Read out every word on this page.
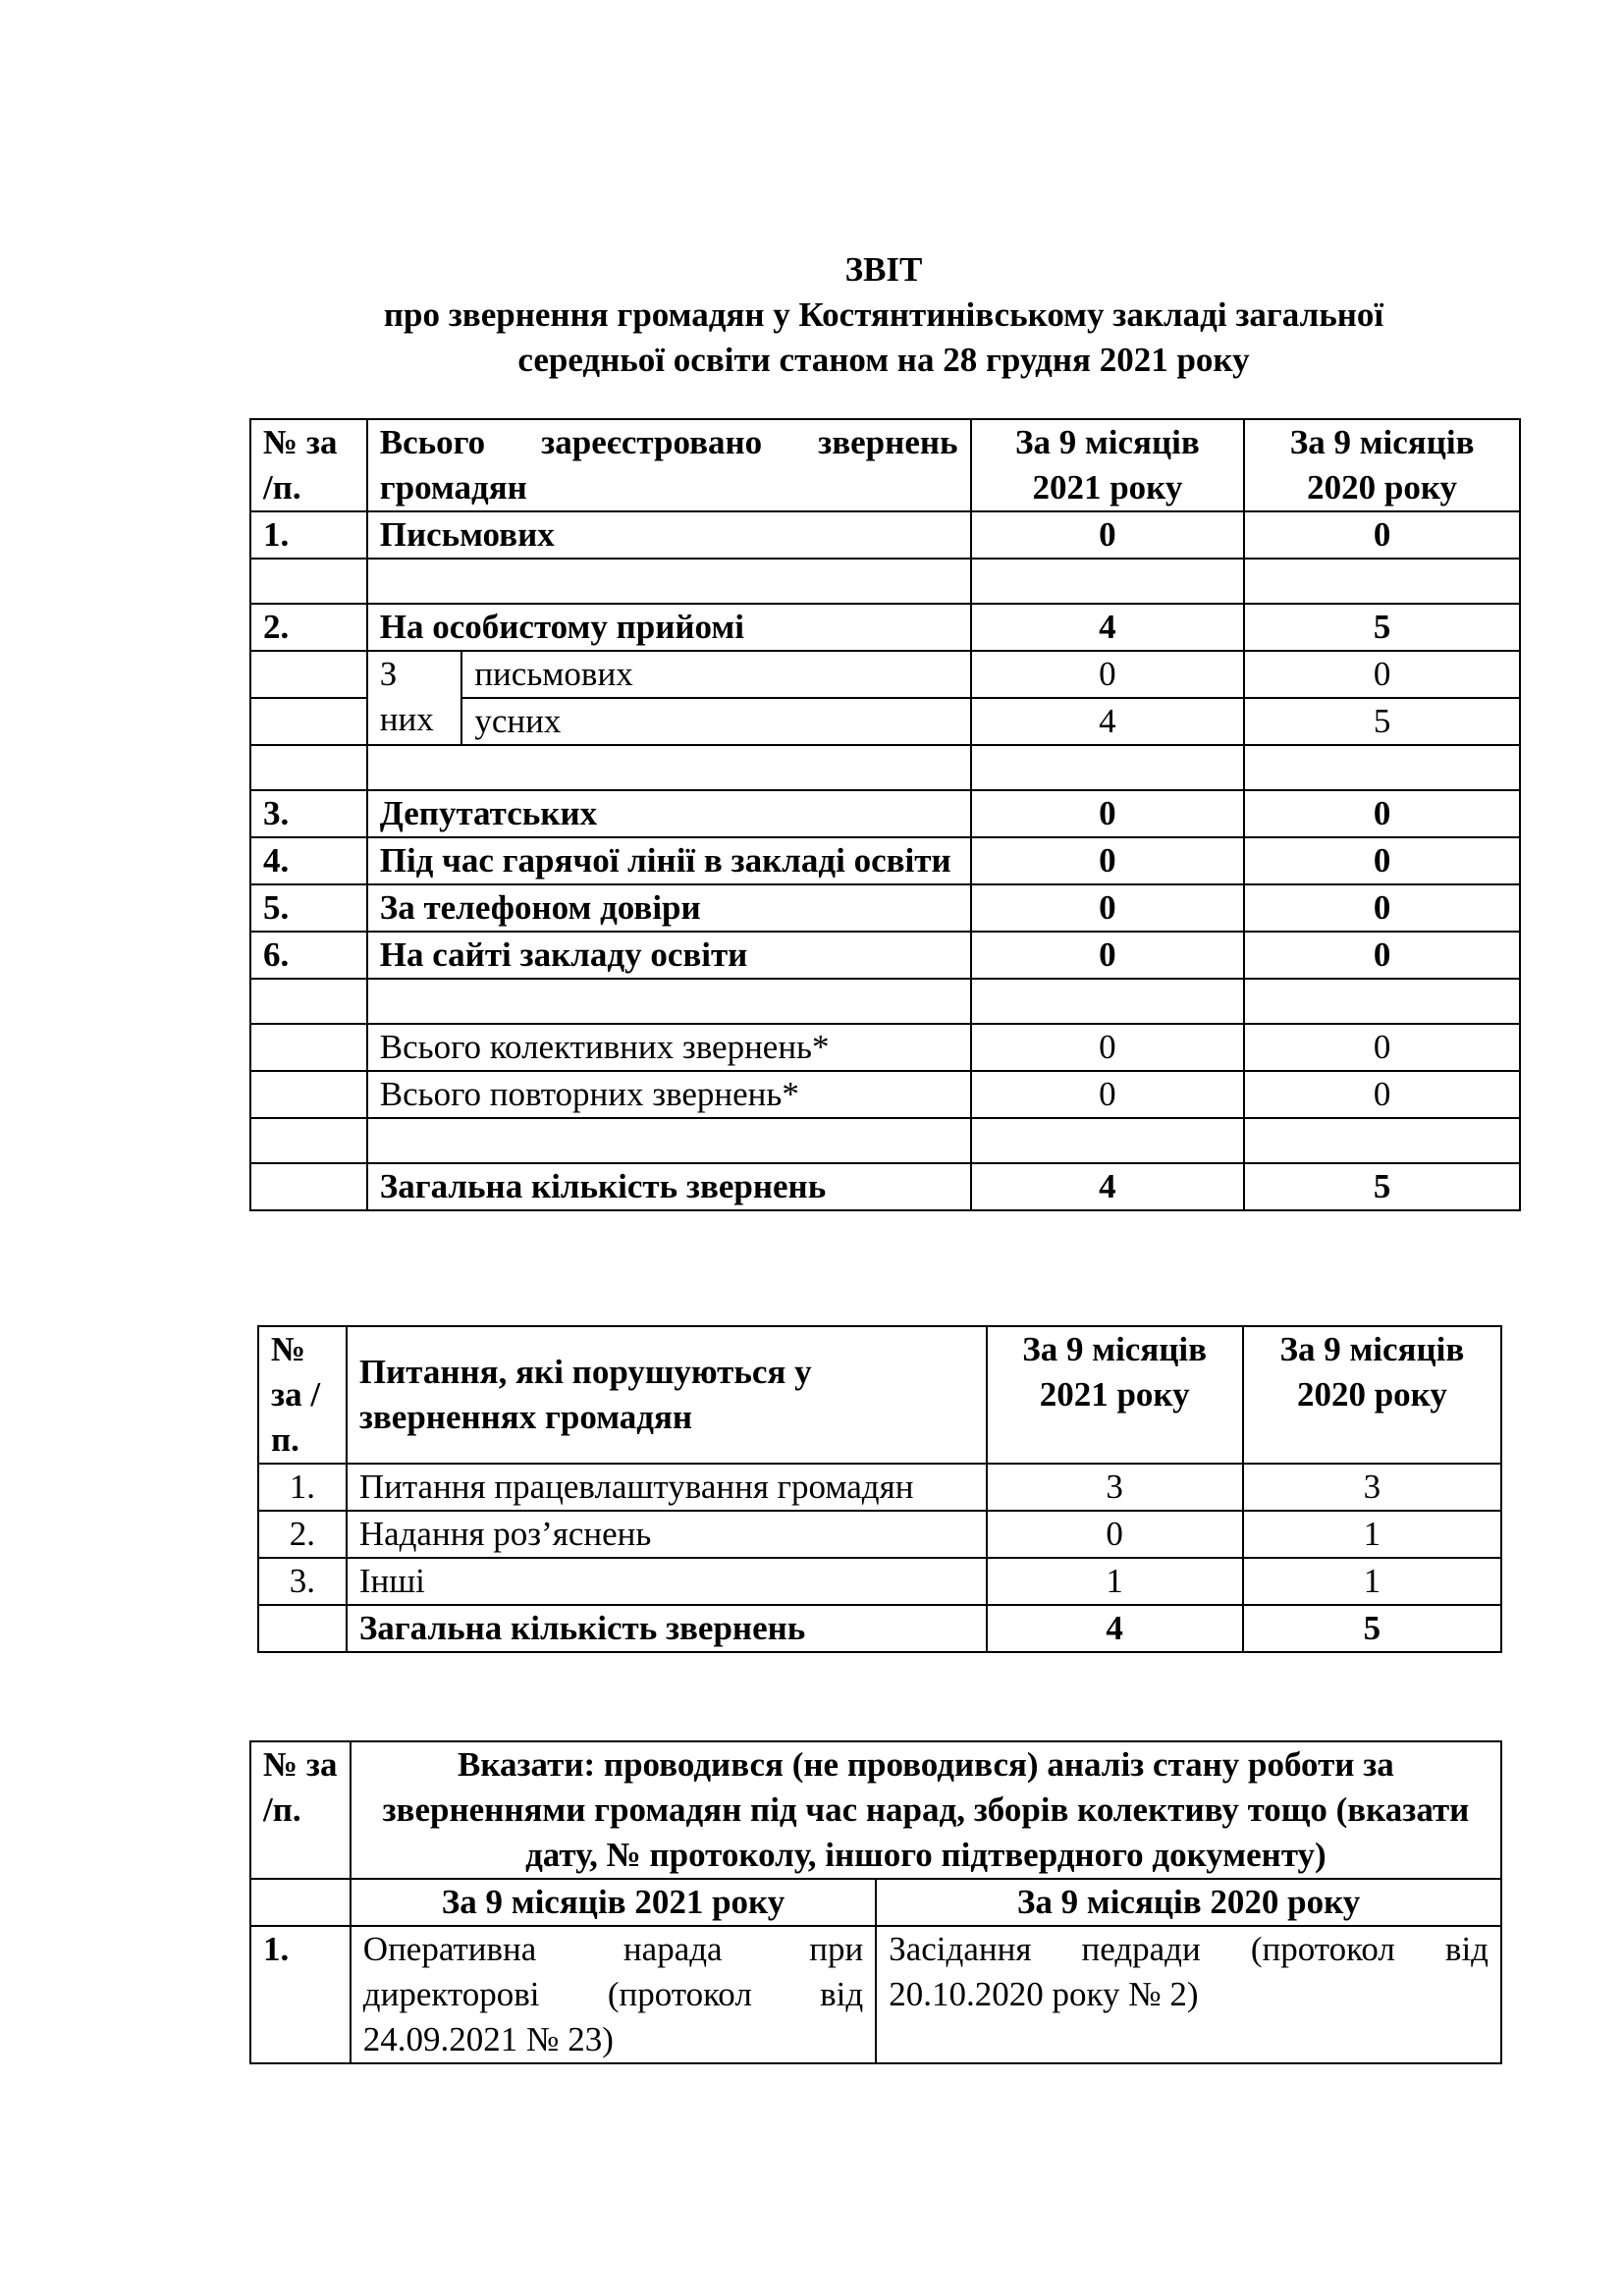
ЗВІТ
про звернення громадян у Костянтинівському закладі загальної
середньої освіти станом на 28 грудня 2021 року
№ за /п.	Всього зареєстровано звернень громадян		За 9 місяців 2021 року	За 9 місяців 2020 року
1.	Письмових		0	0

2.	На особистому прийомі		4	5
	З них	письмових	0	0
		усних	4	5

3.	Депутатських		0	0
4.	Під час гарячої лінії в закладі освіти		0	0
5.	За телефоном довіри		0	0
6.	На сайті закладу освіти		0	0

	Всього колективних звернень*		0	0
	Всього повторних звернень*		0	0

	Загальна кількість звернень		4	5
№ за /п.	Питання, які порушуються у зверненнях громадян	За 9 місяців 2021 року	За 9 місяців 2020 року
1.	Питання працевлаштування громадян	3	3
2.	Надання роз’яснень	0	1
3.	Інші	1	1
	Загальна кількість звернень	4	5
№ за /п.	Вказати: проводився (не проводився) аналіз стану роботи за зверненнями громадян під час нарад, зборів колективу тощо (вказати дату, № протоколу, іншого підтвердного документу)	
	За 9 місяців 2021 року	За 9 місяців 2020 року
1.	Оперативна нарада при директорові (протокол від 24.09.2021 № 23)	Засідання педради (протокол від 20.10.2020 року № 2)
